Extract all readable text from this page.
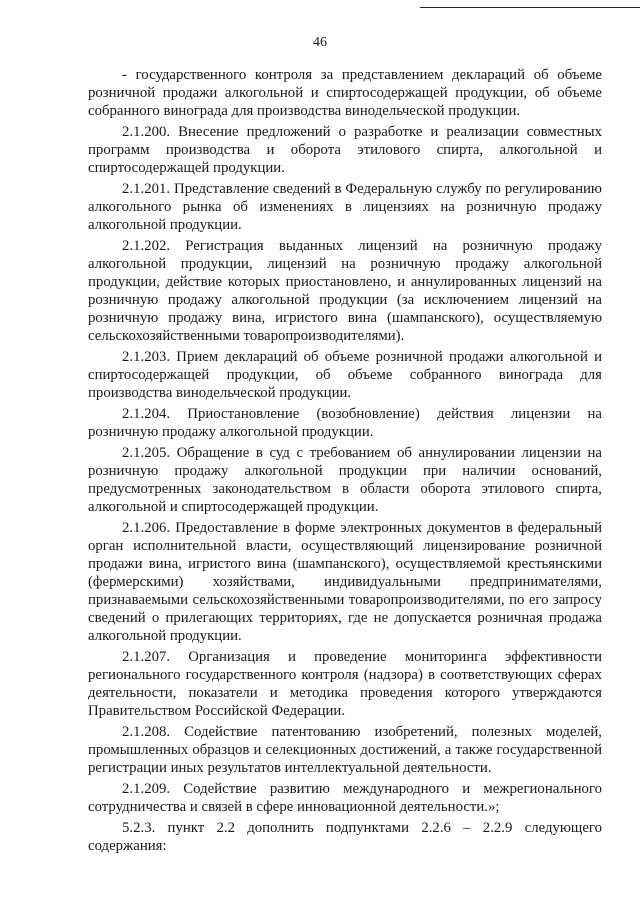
46

- государственного контроля за представлением деклараций об объеме розничной продажи алкогольной и спиртосодержащей продукции, об объеме собранного винограда для производства винодельческой продукции.

2.1.200. Внесение предложений о разработке и реализации совместных программ производства и оборота этилового спирта, алкогольной и спиртосодержащей продукции.

2.1.201. Представление сведений в Федеральную службу по регулированию алкогольного рынка об изменениях в лицензиях на розничную продажу алкогольной продукции.

2.1.202. Регистрация выданных лицензий на розничную продажу алкогольной продукции, лицензий на розничную продажу алкогольной продукции, действие которых приостановлено, и аннулированных лицензий на розничную продажу алкогольной продукции (за исключением лицензий на розничную продажу вина, игристого вина (шампанского), осуществляемую сельскохозяйственными товаропроизводителями).

2.1.203. Прием деклараций об объеме розничной продажи алкогольной и спиртосодержащей продукции, об объеме собранного винограда для производства винодельческой продукции.

2.1.204. Приостановление (возобновление) действия лицензии на розничную продажу алкогольной продукции.

2.1.205. Обращение в суд с требованием об аннулировании лицензии на розничную продажу алкогольной продукции при наличии оснований, предусмотренных законодательством в области оборота этилового спирта, алкогольной и спиртосодержащей продукции.

2.1.206. Предоставление в форме электронных документов в федеральный орган исполнительной власти, осуществляющий лицензирование розничной продажи вина, игристого вина (шампанского), осуществляемой крестьянскими (фермерскими) хозяйствами, индивидуальными предпринимателями, признаваемыми сельскохозяйственными товаропроизводителями, по его запросу сведений о прилегающих территориях, где не допускается розничная продажа алкогольной продукции.

2.1.207. Организация и проведение мониторинга эффективности регионального государственного контроля (надзора) в соответствующих сферах деятельности, показатели и методика проведения которого утверждаются Правительством Российской Федерации.

2.1.208. Содействие патентованию изобретений, полезных моделей, промышленных образцов и селекционных достижений, а также государственной регистрации иных результатов интеллектуальной деятельности.

2.1.209. Содействие развитию международного и межрегионального сотрудничества и связей в сфере инновационной деятельности.»;

5.2.3. пункт 2.2 дополнить подпунктами 2.2.6 – 2.2.9 следующего содержания:
